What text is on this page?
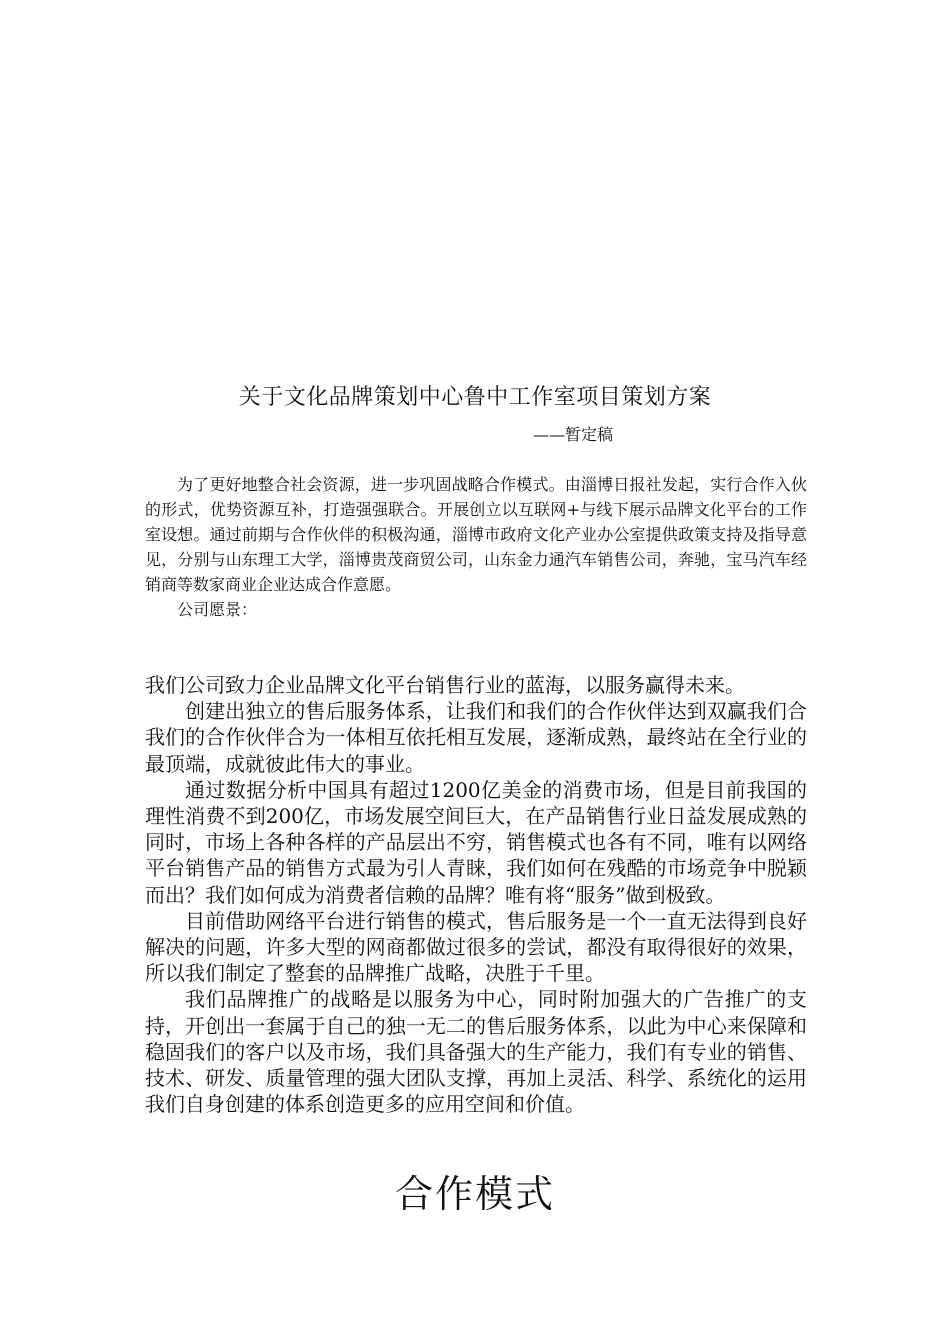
关于文化品牌策划中心鲁中工作室项目策划方案
——暂定稿

为了更好地整合社会资源，进一步巩固战略合作模式。由淄博日报社发起，实行合作入伙的形式，优势资源互补，打造强强联合。开展创立以互联网+与线下展示品牌文化平台的工作室设想。通过前期与合作伙伴的积极沟通，淄博市政府文化产业办公室提供政策支持及指导意见，分别与山东理工大学，淄博贵茂商贸公司，山东金力通汽车销售公司，奔驰，宝马汽车经销商等数家商业企业达成合作意愿。

公司愿景：

我们公司致力企业品牌文化平台销售行业的蓝海，以服务赢得未来。

创建出独立的售后服务体系，让我们和我们的合作伙伴达到双赢我们合我们的合作伙伴合为一体相互依托相互发展，逐渐成熟，最终站在全行业的最顶端，成就彼此伟大的事业。

通过数据分析中国具有超过1200亿美金的消费市场，但是目前我国的理性消费不到200亿，市场发展空间巨大，在产品销售行业日益发展成熟的同时，市场上各种各样的产品层出不穷，销售模式也各有不同，唯有以网络平台销售产品的销售方式最为引人青睐，我们如何在残酷的市场竞争中脱颖而出？我们如何成为消费者信赖的品牌？唯有将“服务”做到极致。

目前借助网络平台进行销售的模式，售后服务是一个一直无法得到良好解决的问题，许多大型的网商都做过很多的尝试，都没有取得很好的效果，所以我们制定了整套的品牌推广战略，决胜于千里。

我们品牌推广的战略是以服务为中心，同时附加强大的广告推广的支持，开创出一套属于自己的独一无二的售后服务体系，以此为中心来保障和稳固我们的客户以及市场，我们具备强大的生产能力，我们有专业的销售、技术、研发、质量管理的强大团队支撑，再加上灵活、科学、系统化的运用我们自身创建的体系创造更多的应用空间和价值。

合作模式
